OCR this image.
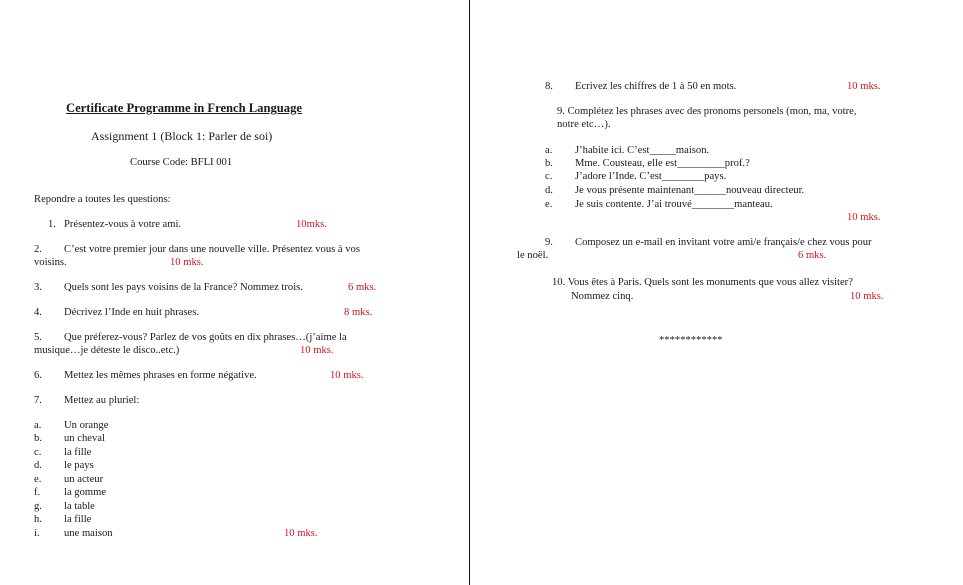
Certificate Programme in French Language
Assignment 1 (Block 1: Parler de soi)
Course Code: BFLI 001
Repondre a toutes les questions:
1. Présentez-vous à votre ami.	10mks.
2. C’est votre premier jour dans une nouvelle ville. Présentez vous à vos
voisins.	10 mks.
3. Quels sont les pays voisins de la France? Nommez trois.	6 mks.
4. Décrivez l’Inde en huit phrases.	8 mks.
5. Que préferez-vous? Parlez de vos goûts en dix phrases…(j’aime la
musique…je déteste le disco..etc.)	10 mks.
6. Mettez les mêmes phrases en forme négative.	10 mks.
7. Mettez au pluriel:
a. Un orange
b. un cheval
c. la fille
d. le pays
e. un acteur
f. la gomme
g. la table
h. la fille
i. une maison	10 mks.
8. Ecrivez les chiffres de 1 à 50 en mots.	10 mks.
9. Complétez les phrases avec des pronoms personels (mon, ma, votre,
notre etc…).
a. J’habite ici. C’est_____maison.
b. Mme. Cousteau, elle est_________prof.?
c. J’adore l’Inde. C’est________pays.
d. Je vous présente maintenant______nouveau directeur.
e. Je suis contente. J’ai trouvé________manteau.
10 mks.
9. Composez un e-mail en invitant votre ami/e français/e chez vous pour
le noël.	6 mks.
10. Vous êtes à Paris. Quels sont les monuments que vous allez visiter?
Nommez cinq.	10 mks.
************
